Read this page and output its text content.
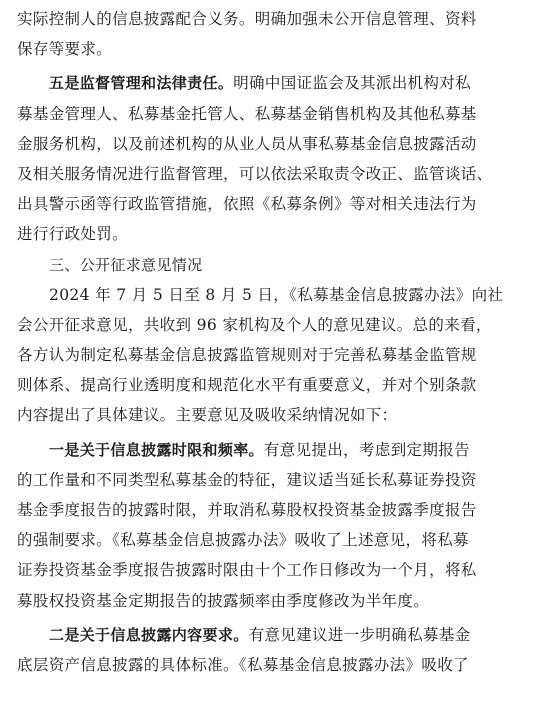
实际控制人的信息披露配合义务。明确加强未公开信息管理、资料
保存等要求。
五是监督管理和法律责任。明确中国证监会及其派出机构对私
募基金管理人、私募基金托管人、私募基金销售机构及其他私募基
金服务机构，以及前述机构的从业人员从事私募基金信息披露活动
及相关服务情况进行监督管理，可以依法采取责令改正、监管谈话、
出具警示函等行政监管措施，依照《私募条例》等对相关违法行为
进行行政处罚。
三、公开征求意见情况
2024 年 7 月 5 日至 8 月 5 日，《私募基金信息披露办法》向社
会公开征求意见，共收到 96 家机构及个人的意见建议。总的来看，
各方认为制定私募基金信息披露监管规则对于完善私募基金监管规
则体系、提高行业透明度和规范化水平有重要意义，并对个别条款
内容提出了具体建议。主要意见及吸收采纳情况如下：
一是关于信息披露时限和频率。有意见提出，考虑到定期报告
的工作量和不同类型私募基金的特征，建议适当延长私募证券投资
基金季度报告的披露时限，并取消私募股权投资基金披露季度报告
的强制要求。《私募基金信息披露办法》吸收了上述意见，将私募
证券投资基金季度报告披露时限由十个工作日修改为一个月，将私
募股权投资基金定期报告的披露频率由季度修改为半年度。
二是关于信息披露内容要求。有意见建议进一步明确私募基金
底层资产信息披露的具体标准。《私募基金信息披露办法》吸收了
